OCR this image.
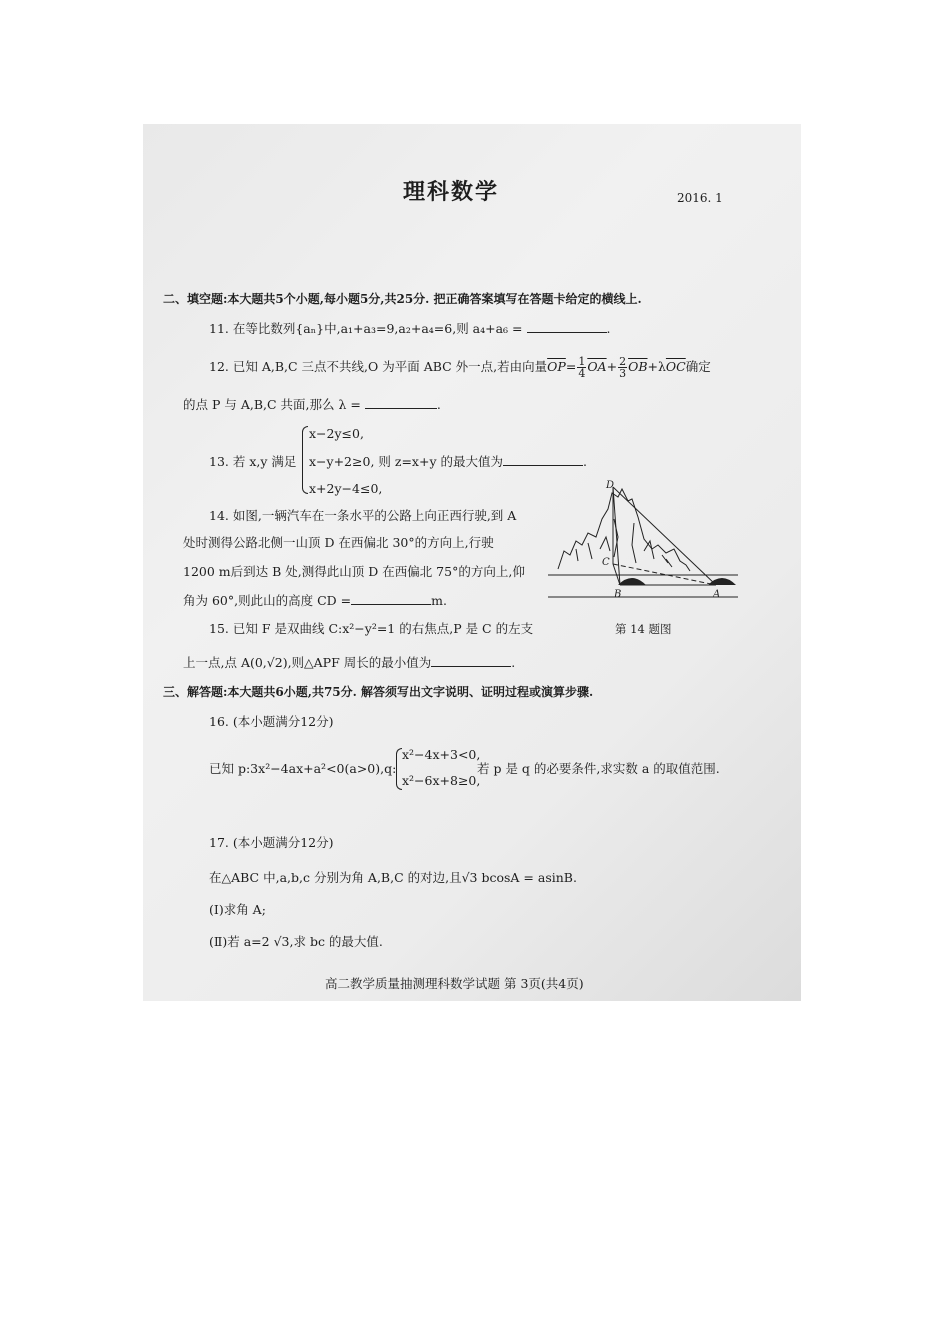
理科数学	2016. 1
二、填空题:本大题共5个小题,每小题5分,共25分. 把正确答案填写在答题卡给定的横线上.
11. 在等比数列{aₙ}中,a₁+a₃=9,a₂+a₄=6,则 a₄+a₆ =	.
12. 已知 A,B,C 三点不共线,O 为平面 ABC 外一点,若由向量$\overline{OP}= \frac{1}{4} \overline{OA}+ \frac{2}{3} \overline{OB}+\lambda\overline{OC}$确定
的点 P 与 A,B,C 共面,那么 λ =	.
13. 若 x,y 满足
x−2y≤0,
x−y+2≥0, 则 z=x+y 的最大值为	.
x+2y−4≤0,
14. 如图,一辆汽车在一条水平的公路上向正西行驶,到 A
处时测得公路北侧一山顶 D 在西偏北 30°的方向上,行驶
1200 m后到达 B 处,测得此山顶 D 在西偏北 75°的方向上,仰
角为 60°,则此山的高度 CD =	m.
D
C
B	A
第 14 题图
15. 已知 F 是双曲线 C:x²−y²=1 的右焦点,P 是 C 的左支
上一点,点 A(0,√2),则△APF 周长的最小值为	.
三、解答题:本大题共6小题,共75分. 解答须写出文字说明、证明过程或演算步骤.
16. (本小题满分12分)
已知 p:3x²−4ax+a²<0(a>0),q:
x²−4x+3<0,
x²−6x+8≥0,
若 p 是 q 的必要条件,求实数 a 的取值范围.
17. (本小题满分12分)
在△ABC 中,a,b,c 分别为角 A,B,C 的对边,且√3 bcosA = asinB.
(Ⅰ)求角 A;
(Ⅱ)若 a=2 √3,求 bc 的最大值.
高二教学质量抽测理科数学试题 第 3页(共4页)
